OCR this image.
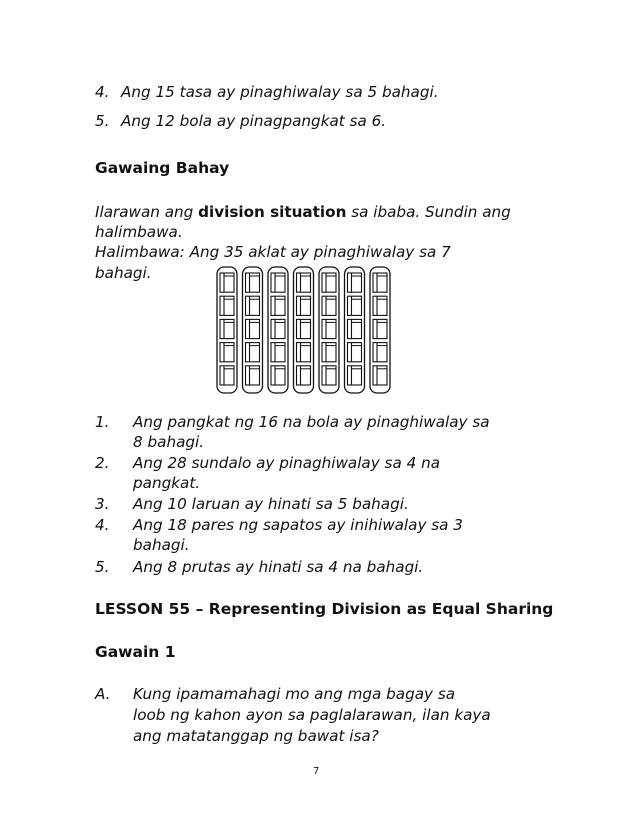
4. Ang 15 tasa ay pinaghiwalay sa 5 bahagi.
5. Ang 12 bola ay pinagpangkat sa 6.
Gawaing Bahay
Ilarawan ang division situation sa ibaba. Sundin ang
halimbawa.
Halimbawa: Ang 35 aklat ay pinaghiwalay sa 7
bahagi.
1. Ang pangkat ng 16 na bola ay pinaghiwalay sa
8 bahagi.
2. Ang 28 sundalo ay pinaghiwalay sa 4 na
pangkat.
3. Ang 10 laruan ay hinati sa 5 bahagi.
4. Ang 18 pares ng sapatos ay inihiwalay sa 3
bahagi.
5. Ang 8 prutas ay hinati sa 4 na bahagi.
LESSON 55 – Representing Division as Equal Sharing
Gawain 1
A. Kung ipamamahagi mo ang mga bagay sa
loob ng kahon ayon sa paglalarawan, ilan kaya
ang matatanggap ng bawat isa?
7
